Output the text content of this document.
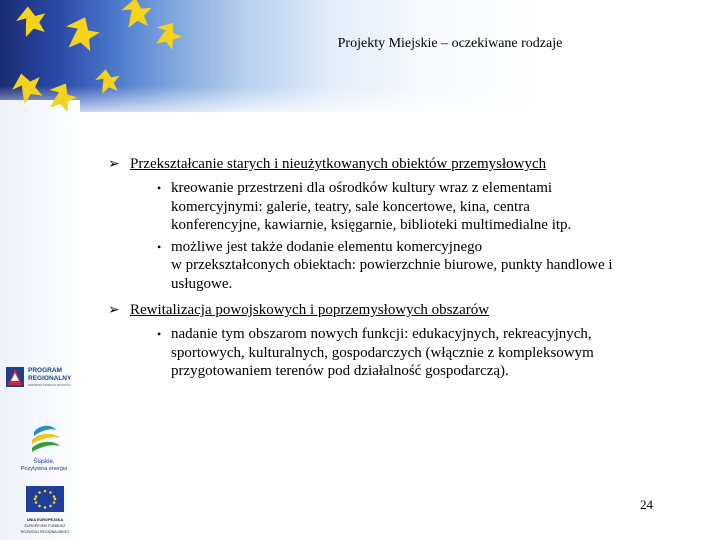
Projekty Miejskie – oczekiwane rodzaje
➢ Przekształcanie starych i nieużytkowanych obiektów przemysłowych
• kreowanie przestrzeni dla ośrodków kultury wraz z elementami
komercyjnymi: galerie, teatry, sale koncertowe, kina, centra
konferencyjne, kawiarnie, księgarnie, biblioteki multimedialne itp.
• możliwe jest także dodanie elementu komercyjnego
w przekształconych obiektach: powierzchnie biurowe, punkty handlowe i
usługowe.
➢ Rewitalizacja powojskowych i poprzemysłowych obszarów
• nadanie tym obszarom nowych funkcji: edukacyjnych, rekreacyjnych,
sportowych, kulturalnych, gospodarczych (włącznie z kompleksowym
przygotowaniem terenów pod działalność gospodarczą).
PROGRAM
REGIONALNY
NARODOWA STRATEGIA SPÓJNOŚCI
Śląskie.
Pozytywna energia
UNIA EUROPEJSKA
EUROPEJSKI FUNDUSZ
ROZWOJU REGIONALNEGO
24
